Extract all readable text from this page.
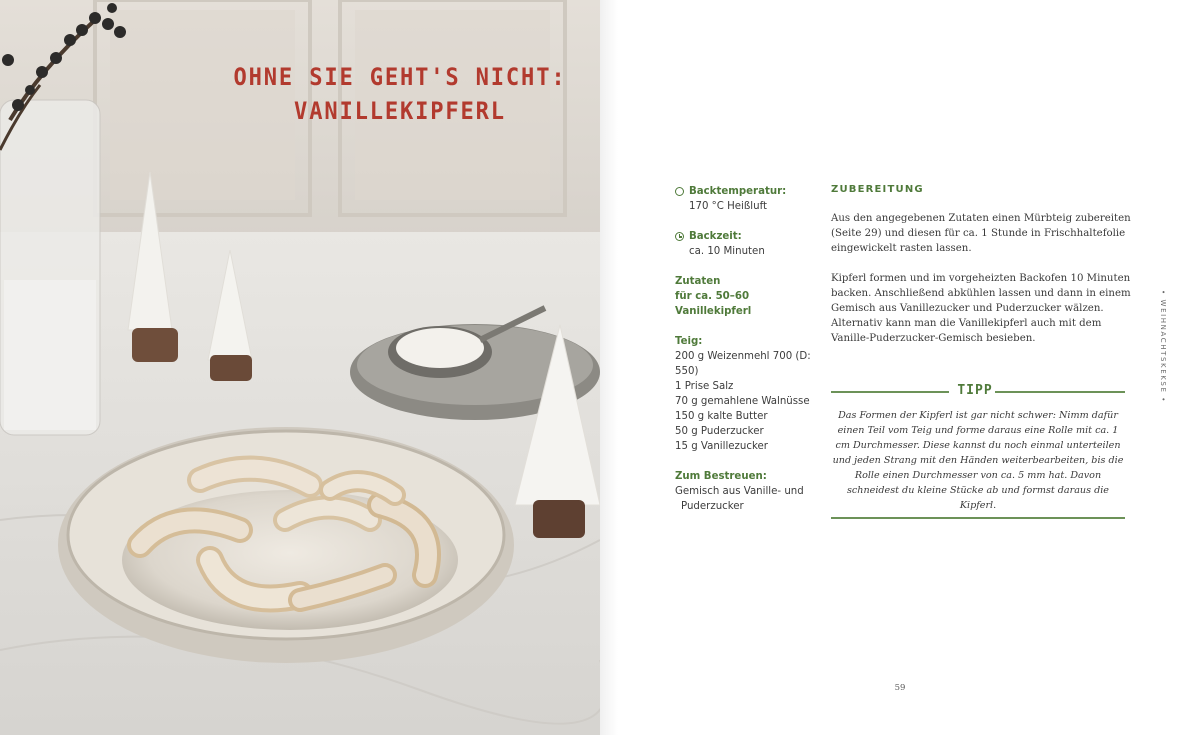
OHNE SIE GEHT'S NICHT:
VANILLEKIPFERL
Backtemperatur:
170 °C Heißluft
Backzeit:
ca. 10 Minuten
Zutaten
für ca. 50–60 Vanillekipferl
Teig:
200 g Weizenmehl 700 (D: 550)
1 Prise Salz
70 g gemahlene Walnüsse
150 g kalte Butter
50 g Puderzucker
15 g Vanillezucker
Zum Bestreuen:
Gemisch aus Vanille- und
Puderzucker
ZUBEREITUNG

Aus den angegebenen Zutaten einen Mürbteig zubereiten (Seite 29) und diesen für ca. 1 Stunde in Frischhaltefolie eingewickelt rasten lassen.

Kipferl formen und im vorgeheizten Backofen 10 Minuten backen. Anschließend abkühlen lassen und dann in einem Gemisch aus Vanillezucker und Puderzucker wälzen. Alternativ kann man die Vanillekipferl auch mit dem Vanille-Puderzucker-Gemisch besieben.

TIPP

Das Formen der Kipferl ist gar nicht schwer: Nimm dafür einen Teil vom Teig und forme daraus eine Rolle mit ca. 1 cm Durchmesser. Diese kannst du noch einmal unterteilen und jeden Strang mit den Händen weiterbearbeiten, bis die Rolle einen Durchmesser von ca. 5 mm hat. Davon schneidest du kleine Stücke ab und formst daraus die Kipferl.

• WEIHNACHTSKEKSE •
59
